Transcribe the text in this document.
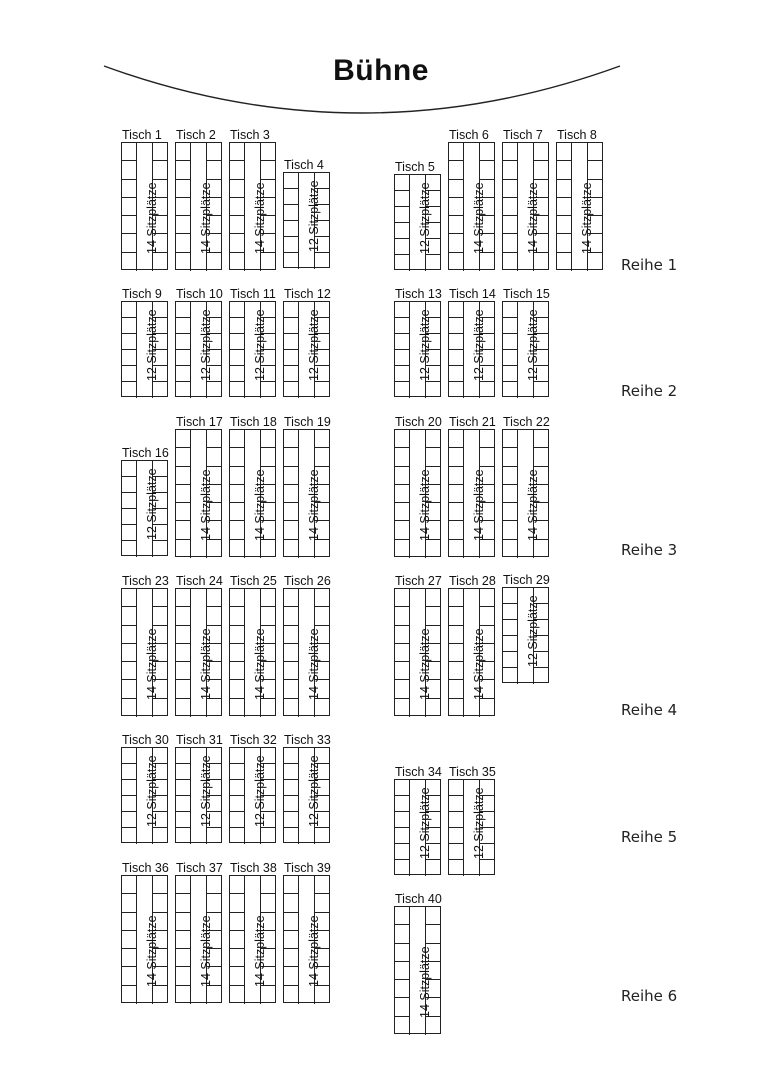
Bühne
Tisch 1
14 Sitzplätze
Tisch 2
14 Sitzplätze
Tisch 3
14 Sitzplätze
Tisch 4
12 Sitzplätze
Tisch 5
12 Sitzplätze
Tisch 6
14 Sitzplätze
Tisch 7
14 Sitzplätze
Tisch 8
14 Sitzplätze
Tisch 9
12 Sitzplätze
Tisch 10
12 Sitzplätze
Tisch 11
12 Sitzplätze
Tisch 12
12 Sitzplätze
Tisch 13
12 Sitzplätze
Tisch 14
12 Sitzplätze
Tisch 15
12 Sitzplätze
Tisch 16
12 Sitzplätze
Tisch 17
14 Sitzplätze
Tisch 18
14 Sitzplätze
Tisch 19
14 Sitzplätze
Tisch 20
14 Sitzplätze
Tisch 21
14 Sitzplätze
Tisch 22
14 Sitzplätze
Tisch 23
14 Sitzplätze
Tisch 24
14 Sitzplätze
Tisch 25
14 Sitzplätze
Tisch 26
14 Sitzplätze
Tisch 27
14 Sitzplätze
Tisch 28
14 Sitzplätze
Tisch 29
12 Sitzplätze
Tisch 30
12 Sitzplätze
Tisch 31
12 Sitzplätze
Tisch 32
12 Sitzplätze
Tisch 33
12 Sitzplätze	Tisch 34
12 Sitzplätze
Tisch 35
12 Sitzplätze
Tisch 36
14 Sitzplätze
Tisch 37
14 Sitzplätze
Tisch 38
14 Sitzplätze
Tisch 39
14 Sitzplätze
Tisch 40
14 Sitzplätze
Reihe 1
Reihe 2
Reihe 3
Reihe 4
Reihe 5
Reihe 6
